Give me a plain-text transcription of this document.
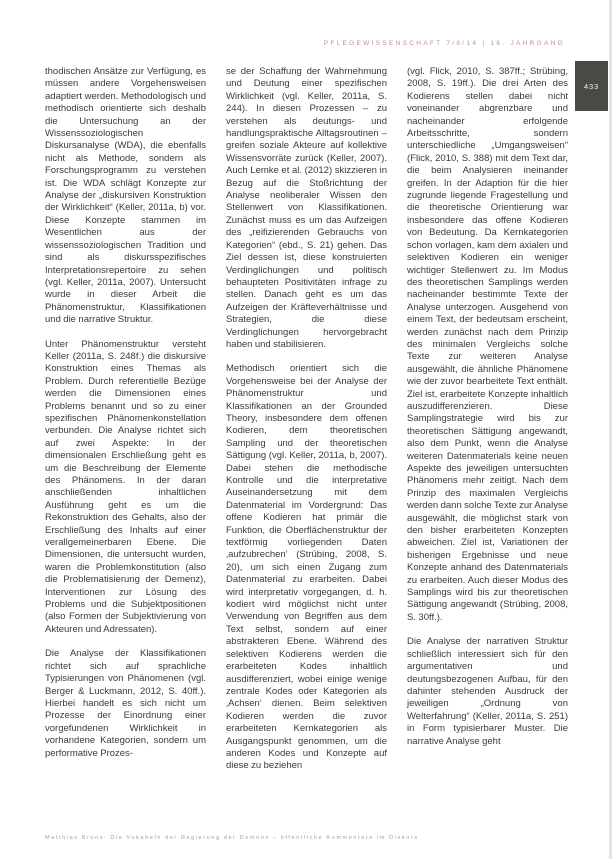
PFLEGEWISSENSCHAFT 7/8/14 | 16. JAHRGANG
433

thodischen Ansätze zur Verfügung, es müssen andere Vorgehensweisen adaptiert werden. Methodologisch und methodisch orientierte sich deshalb die Untersuchung an der Wissenssoziologischen Diskursanalyse (WDA), die ebenfalls nicht als Methode, sondern als Forschungsprogramm zu verstehen ist. Die WDA schlägt Konzepte zur Analyse der „diskursiven Konstruktion der Wirklichkeit“ (Keller, 2011a, b) vor. Diese Konzepte stammen im Wesentlichen aus der wissenssoziologischen Tradition und sind als diskursspezifisches Interpretationsrepertoire zu sehen (vgl. Keller, 2011a, 2007). Untersucht wurde in dieser Arbeit die Phänomenstruktur, Klassifikationen und die narrative Struktur.

Unter Phänomenstruktur versteht Keller (2011a, S. 248f.) die diskursive Konstruktion eines Themas als Problem. Durch referentielle Bezüge werden die Dimensionen eines Problems benannt und so zu einer spezifischen Phänomenkonstellation verbunden. Die Analyse richtet sich auf zwei Aspekte: In der dimensionalen Erschließung geht es um die Beschreibung der Elemente des Phänomens. In der daran anschließenden inhaltlichen Ausführung geht es um die Rekonstruktion des Gehalts, also der Erschließung des Inhalts auf einer verallgemeinerbaren Ebene. Die Dimensionen, die untersucht wurden, waren die Problemkonstitution (also die Problematisierung der Demenz), Interventionen zur Lösung des Problems und die Subjektpositionen (also Formen der Subjektivierung von Akteuren und Adressaten).

Die Analyse der Klassifikationen richtet sich auf sprachliche Typisierungen von Phänomenen (vgl. Berger & Luckmann, 2012, S. 40ff.). Hierbei handelt es sich nicht um Prozesse der Einordnung einer vorgefundenen Wirklichkeit in vorhandene Kategorien, sondern um performative Prozes-

se der Schaffung der Wahrnehmung und Deutung einer spezifischen Wirklichkeit (vgl. Keller, 2011a, S. 244). In diesen Prozessen – zu verstehen als deutungs- und handlungspraktische Alltagsroutinen – greifen soziale Akteure auf kollektive Wissensvorräte zurück (Keller, 2007). Auch Lemke et al. (2012) skizzieren in Bezug auf die Stoßrichtung der Analyse neoliberaler Wissen den Stellenwert von Klassifikationen. Zunächst muss es um das Aufzeigen des „reifizierenden Gebrauchs von Kategorien“ (ebd., S. 21) gehen. Das Ziel dessen ist, diese konstruierten Verdinglichungen und politisch behaupteten Positivitäten infrage zu stellen. Danach geht es um das Aufzeigen der Kräfteverhältnisse und Strategien, die diese Verdinglichungen hervorgebracht haben und stabilisieren.

Methodisch orientiert sich die Vorgehensweise bei der Analyse der Phänomenstruktur und Klassifikationen an der Grounded Theory, insbesondere dem offenen Kodieren, dem theoretischen Sampling und der theoretischen Sättigung (vgl. Keller, 2011a, b, 2007). Dabei stehen die methodische Kontrolle und die interpretative Auseinandersetzung mit dem Datenmaterial im Vordergrund: Das offene Kodieren hat primär die Funktion, die Oberflächenstruktur der textförmig vorliegenden Daten ‚aufzubrechen‘ (Strübing, 2008, S. 20), um sich einen Zugang zum Datenmaterial zu erarbeiten. Dabei wird interpretativ vorgegangen, d. h. kodiert wird möglichst nicht unter Verwendung von Begriffen aus dem Text selbst, sondern auf einer abstrakteren Ebene. Während des selektiven Kodierens werden die erarbeiteten Kodes inhaltlich ausdifferenziert, wobei einige wenige zentrale Kodes oder Kategorien als ‚Achsen‘ dienen. Beim selektiven Kodieren werden die zuvor erarbeiteten Kernkategorien als Ausgangspunkt genommen, um die anderen Kodes und Konzepte auf diese zu beziehen

(vgl. Flick, 2010, S. 387ff.; Strübing, 2008, S. 19ff.). Die drei Arten des Kodierens stellen dabei nicht voneinander abgrenzbare und nacheinander erfolgende Arbeitsschritte, sondern unterschiedliche „Umgangsweisen“ (Flick, 2010, S. 388) mit dem Text dar, die beim Analysieren ineinander greifen. In der Adaption für die hier zugrunde liegende Fragestellung und die theoretische Orientierung war insbesondere das offene Kodieren von Bedeutung. Da Kernkategorien schon vorlagen, kam dem axialen und selektiven Kodieren ein weniger wichtiger Stellenwert zu. Im Modus des theoretischen Samplings werden nacheinander bestimmte Texte der Analyse unterzogen. Ausgehend von einem Text, der bedeutsam erscheint, werden zunächst nach dem Prinzip des minimalen Vergleichs solche Texte zur weiteren Analyse ausgewählt, die ähnliche Phänomene wie der zuvor bearbeitete Text enthält. Ziel ist, erarbeitete Konzepte inhaltlich auszudifferenzieren. Diese Samplingstrategie wird bis zur theoretischen Sättigung angewandt, also dem Punkt, wenn die Analyse weiteren Datenmaterials keine neuen Aspekte des jeweiligen untersuchten Phänomens mehr zeitigt. Nach dem Prinzip des maximalen Vergleichs werden dann solche Texte zur Analyse ausgewählt, die möglichst stark von den bisher erarbeiteten Konzepten abweichen. Ziel ist, Variationen der bisherigen Ergebnisse und neue Konzepte anhand des Datenmaterials zu erarbeiten. Auch dieser Modus des Samplings wird bis zur theoretischen Sättigung angewandt (Strübing, 2008, S. 30ff.).

Die Analyse der narrativen Struktur schließlich interessiert sich für den argumentativen und deutungsbezogenen Aufbau, für den dahinter stehenden Ausdruck der jeweiligen „Ordnung von Welterfahrung“ (Keller, 2011a, S. 251) in Form typisierbarer Muster. Die narrative Analyse geht

Matthias Bruns: Die Vokabeln der Regierung der Demenz – öffentliche Kommentare im Diskurs
